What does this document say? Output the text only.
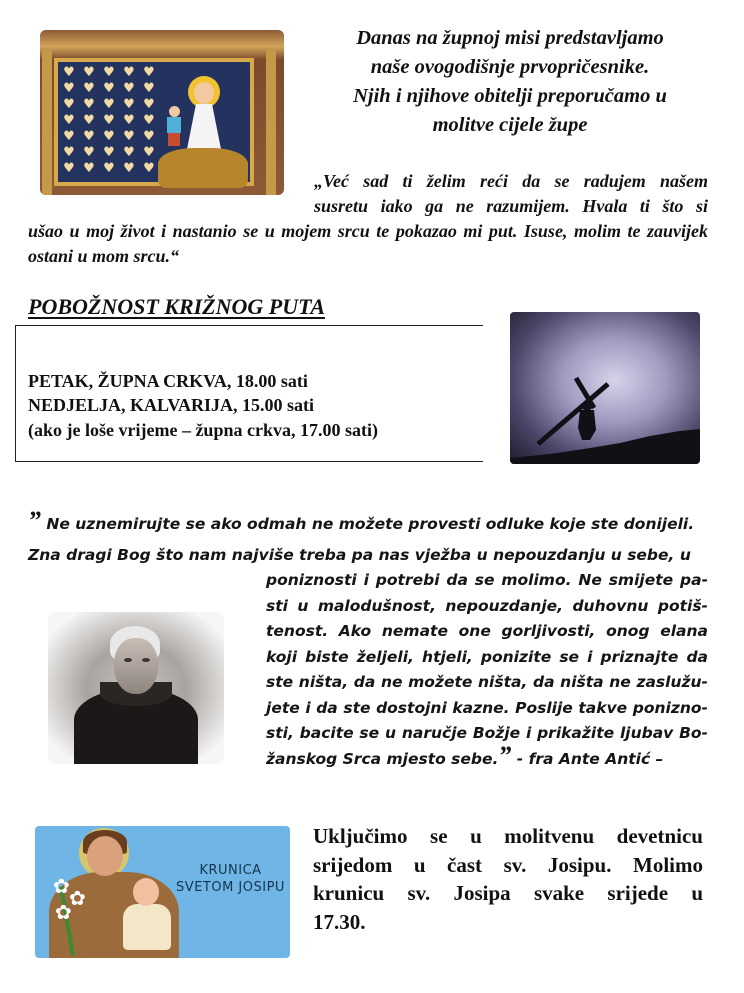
♥ ♥ ♥ ♥ ♥
♥ ♥ ♥ ♥ ♥
♥ ♥ ♥ ♥ ♥
♥ ♥ ♥ ♥ ♥
♥ ♥ ♥ ♥ ♥
♥ ♥ ♥ ♥ ♥
♥ ♥ ♥ ♥ ♥
Danas na župnoj misi predstavljamo
naše ovogodišnje prvopričesnike.
Njih i njihove obitelji preporučamo u
molitve cijele župe
„Već sad ti želim reći da se radujem našem
susretu iako ga ne razumijem. Hvala ti što si
ušao u moj život i nastanio se u mojem srcu te pokazao mi put. Isuse, molim te zauvijek ostani u mom srcu.“
POBOŽNOST KRIŽNOG PUTA
PETAK, ŽUPNA CRKVA, 18.00 sati
NEDJELJA, KALVARIJA, 15.00 sati
(ako je loše vrijeme – župna crkva, 17.00 sati)
” Ne uznemirujte se ako odmah ne možete provesti odluke koje ste donijeli.
Zna dragi Bog što nam najviše treba pa nas vježba u nepouzdanju u sebe, u
poniznosti i potrebi da se molimo. Ne smijete pa-
sti u malodušnost, nepouzdanje, duhovnu potiš-
tenost. Ako nemate one gorljivosti, onog elana
koji biste željeli, htjeli, ponizite se i priznajte da
ste ništa, da ne možete ništa, da ništa ne zaslužu-
jete i da ste dostojni kazne. Poslije takve ponizno-
sti, bacite se u naručje Božje i prikažite ljubav Bo-
žanskog Srca mjesto sebe.” - fra Ante Antić –
✿ ✿
✿
KRUNICA
SVETOM JOSIPU
Uključimo se u molitvenu devetnicu
srijedom u čast sv. Josipu. Molimo
krunicu sv. Josipa svake srijede u
17.30.
